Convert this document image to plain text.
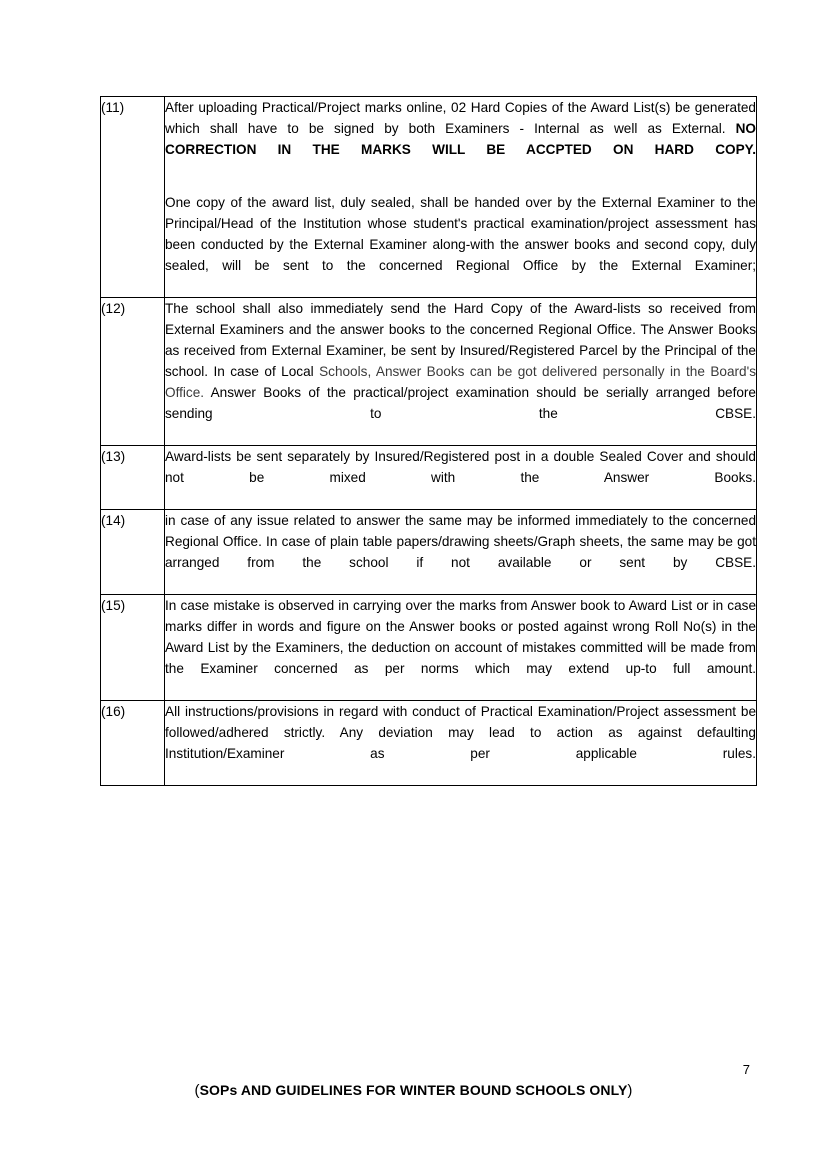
(11)	After uploading Practical/Project marks online, 02 Hard Copies of the Award List(s) be generated which shall have to be signed by both Examiners - Internal as well as External. NO CORRECTION IN THE MARKS WILL BE ACCPTED ON HARD COPY.

One copy of the award list, duly sealed, shall be handed over by the External Examiner to the Principal/Head of the Institution whose student's practical examination/project assessment has been conducted by the External Examiner along-with the answer books and second copy, duly sealed, will be sent to the concerned Regional Office by the External Examiner;

(12)	The school shall also immediately send the Hard Copy of the Award-lists so received from External Examiners and the answer books to the concerned Regional Office. The Answer Books as received from External Examiner, be sent by Insured/Registered Parcel by the Principal of the school. In case of Local Schools, Answer Books can be got delivered personally in the Board's Office. Answer Books of the practical/project examination should be serially arranged before sending to the CBSE.

(13)	Award-lists be sent separately by Insured/Registered post in a double Sealed Cover and should not be mixed with the Answer Books.

(14)	in case of any issue related to answer the same may be informed immediately to the concerned Regional Office. In case of plain table papers/drawing sheets/Graph sheets, the same may be got arranged from the school if not available or sent by CBSE.

(15)	In case mistake is observed in carrying over the marks from Answer book to Award List or in case marks differ in words and figure on the Answer books or posted against wrong Roll No(s) in the Award List by the Examiners, the deduction on account of mistakes committed will be made from the Examiner concerned as per norms which may extend up-to full amount.

(16)	All instructions/provisions in regard with conduct of Practical Examination/Project assessment be followed/adhered strictly. Any deviation may lead to action as against defaulting Institution/Examiner as per applicable rules.

7
(SOPs AND GUIDELINES FOR WINTER BOUND SCHOOLS ONLY)
